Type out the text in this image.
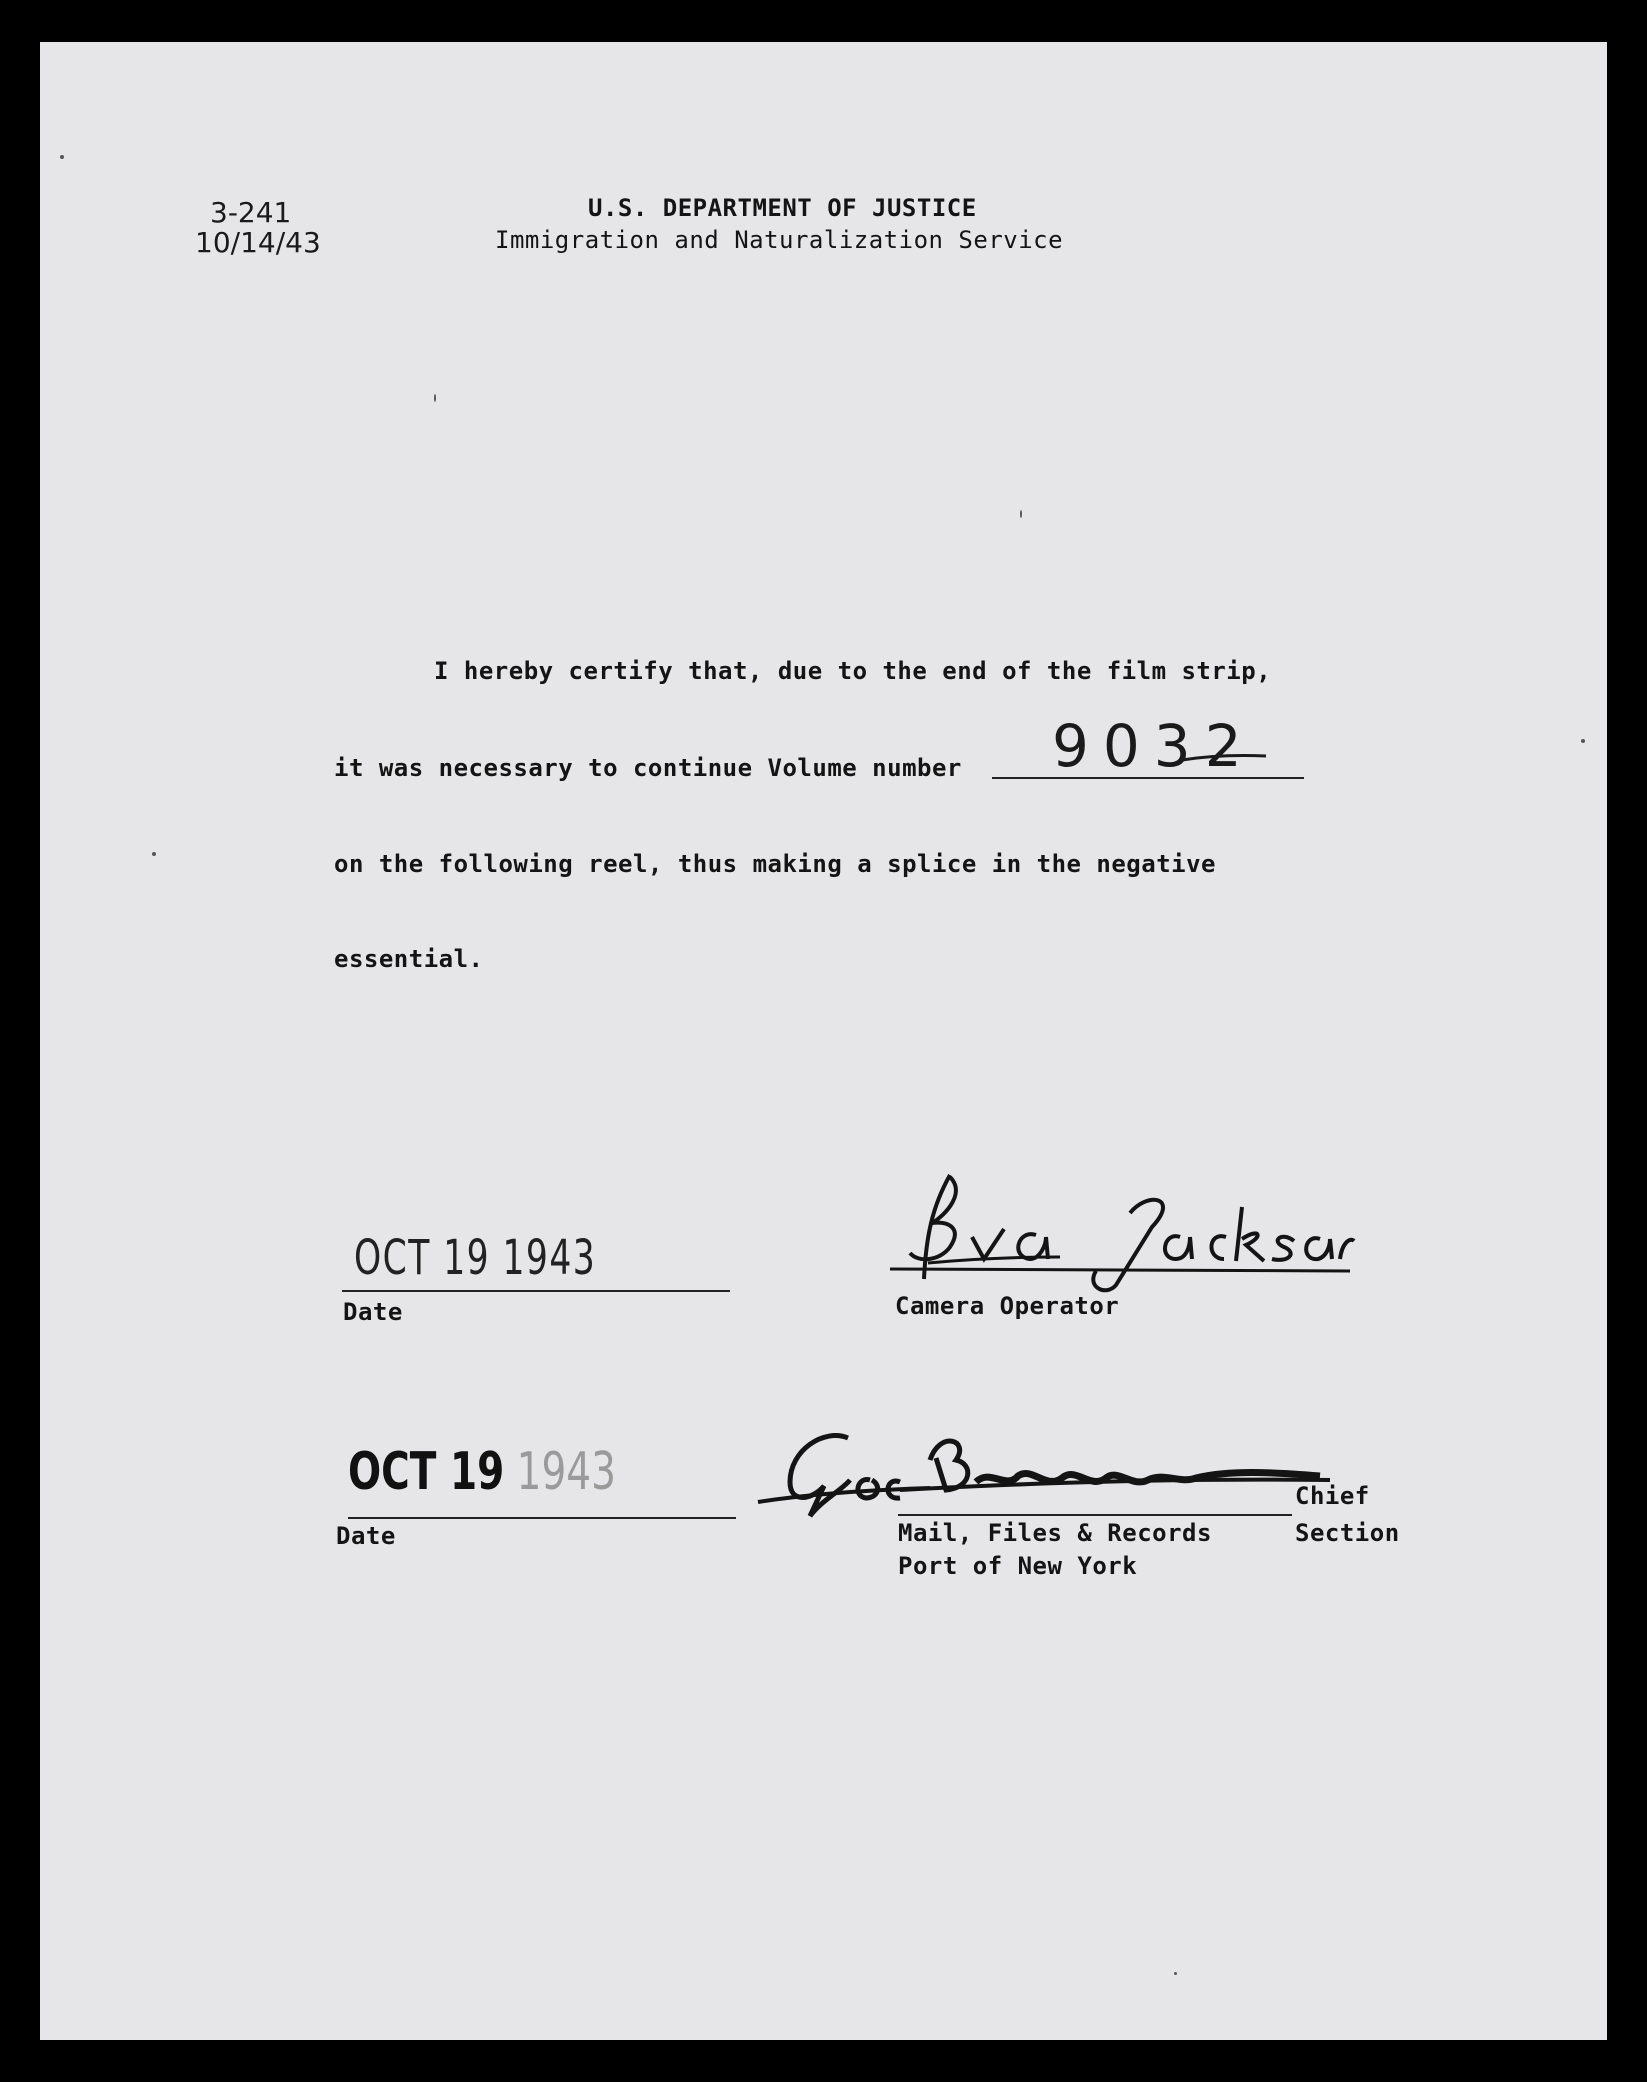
3-241
10/14/43
U.S. DEPARTMENT OF JUSTICE
Immigration and Naturalization Service
I hereby certify that, due to the end of the film strip,
it was necessary to continue Volume number 9032
on the following reel, thus making a splice in the negative
essential.
OCT 19 1943
Date	Camera Operator
OCT 19 1943
Date
Chief
Mail, Files & Records	Section
Port of New York
